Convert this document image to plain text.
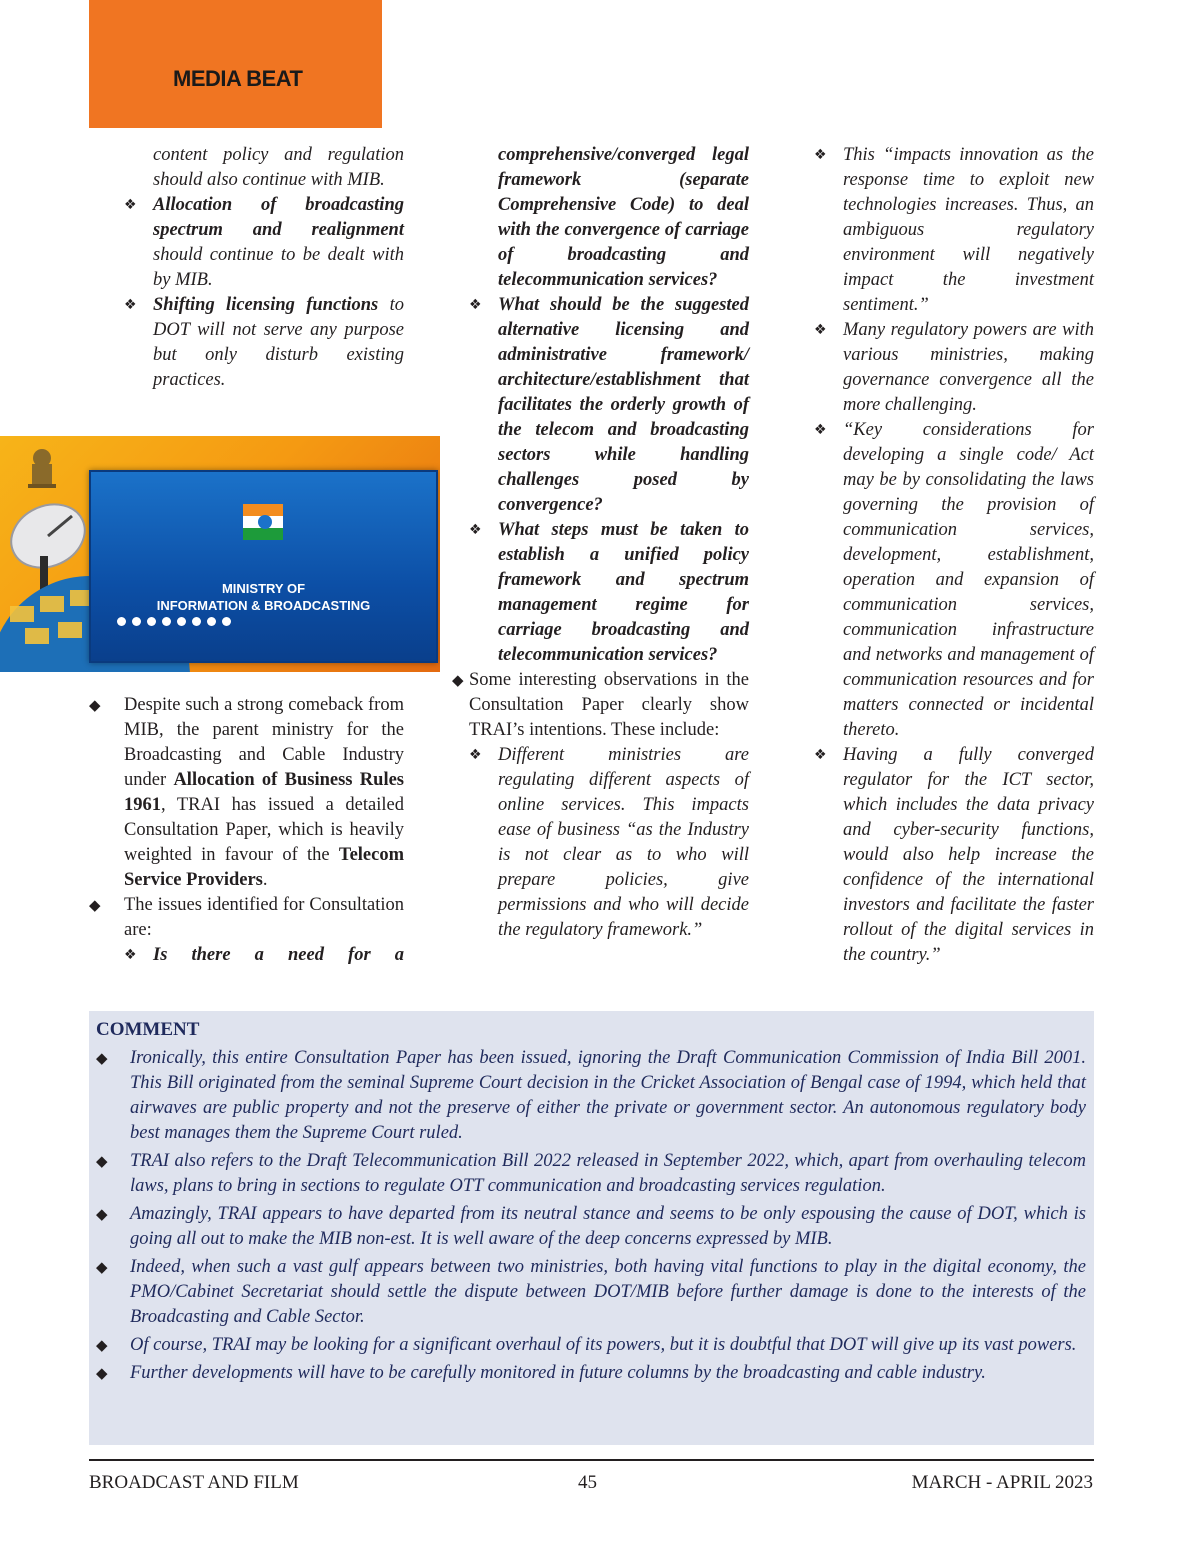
MEDIA BEAT

content policy and regulation should also continue with MIB.

❖ Allocation of broadcasting spectrum and realignment should continue to be dealt with by MIB.

❖ Shifting licensing functions to DOT will not serve any purpose but only disturb existing practices.

MINISTRY OF
INFORMATION & BROADCASTING

◆ Despite such a strong comeback from MIB, the parent ministry for the Broadcasting and Cable Industry under Allocation of Business Rules 1961, TRAI has issued a detailed Consultation Paper, which is heavily weighted in favour of the Telecom Service Providers.

◆ The issues identified for Consultation are:

❖ Is there a need for a

comprehensive/converged legal framework (separate Comprehensive Code) to deal with the convergence of carriage of broadcasting and telecommunication services?

❖ What should be the suggested alternative licensing and administrative framework/ architecture/establishment that facilitates the orderly growth of the telecom and broadcasting sectors while handling challenges posed by convergence?

❖ What steps must be taken to establish a unified policy framework and spectrum management regime for carriage broadcasting and telecommunication services?

◆ Some interesting observations in the Consultation Paper clearly show TRAI’s intentions. These include:

❖ Different ministries are regulating different aspects of online services. This impacts ease of business “as the Industry is not clear as to who will prepare policies, give permissions and who will decide the regulatory framework.”

❖ This “impacts innovation as the response time to exploit new technologies increases. Thus, an ambiguous regulatory environment will negatively impact the investment sentiment.”

❖ Many regulatory powers are with various ministries, making governance convergence all the more challenging.

❖ “Key considerations for developing a single code/ Act may be by consolidating the laws governing the provision of communication services, development, establishment, operation and expansion of communication services, communication infrastructure and networks and management of communication resources and for matters connected or incidental thereto.

❖ Having a fully converged regulator for the ICT sector, which includes the data privacy and cyber-security functions, would also help increase the confidence of the international investors and facilitate the faster rollout of the digital services in the country.”

COMMENT
◆ Ironically, this entire Consultation Paper has been issued, ignoring the Draft Communication Commission of India Bill 2001. This Bill originated from the seminal Supreme Court decision in the Cricket Association of Bengal case of 1994, which held that airwaves are public property and not the preserve of either the private or government sector. An autonomous regulatory body best manages them the Supreme Court ruled.
◆ TRAI also refers to the Draft Telecommunication Bill 2022 released in September 2022, which, apart from overhauling telecom laws, plans to bring in sections to regulate OTT communication and broadcasting services regulation.
◆ Amazingly, TRAI appears to have departed from its neutral stance and seems to be only espousing the cause of DOT, which is going all out to make the MIB non-est. It is well aware of the deep concerns expressed by MIB.
◆ Indeed, when such a vast gulf appears between two ministries, both having vital functions to play in the digital economy, the PMO/Cabinet Secretariat should settle the dispute between DOT/MIB before further damage is done to the interests of the Broadcasting and Cable Sector.
◆ Of course, TRAI may be looking for a significant overhaul of its powers, but it is doubtful that DOT will give up its vast powers.
◆ Further developments will have to be carefully monitored in future columns by the broadcasting and cable industry.
BROADCAST AND FILM	45	MARCH - APRIL 2023
